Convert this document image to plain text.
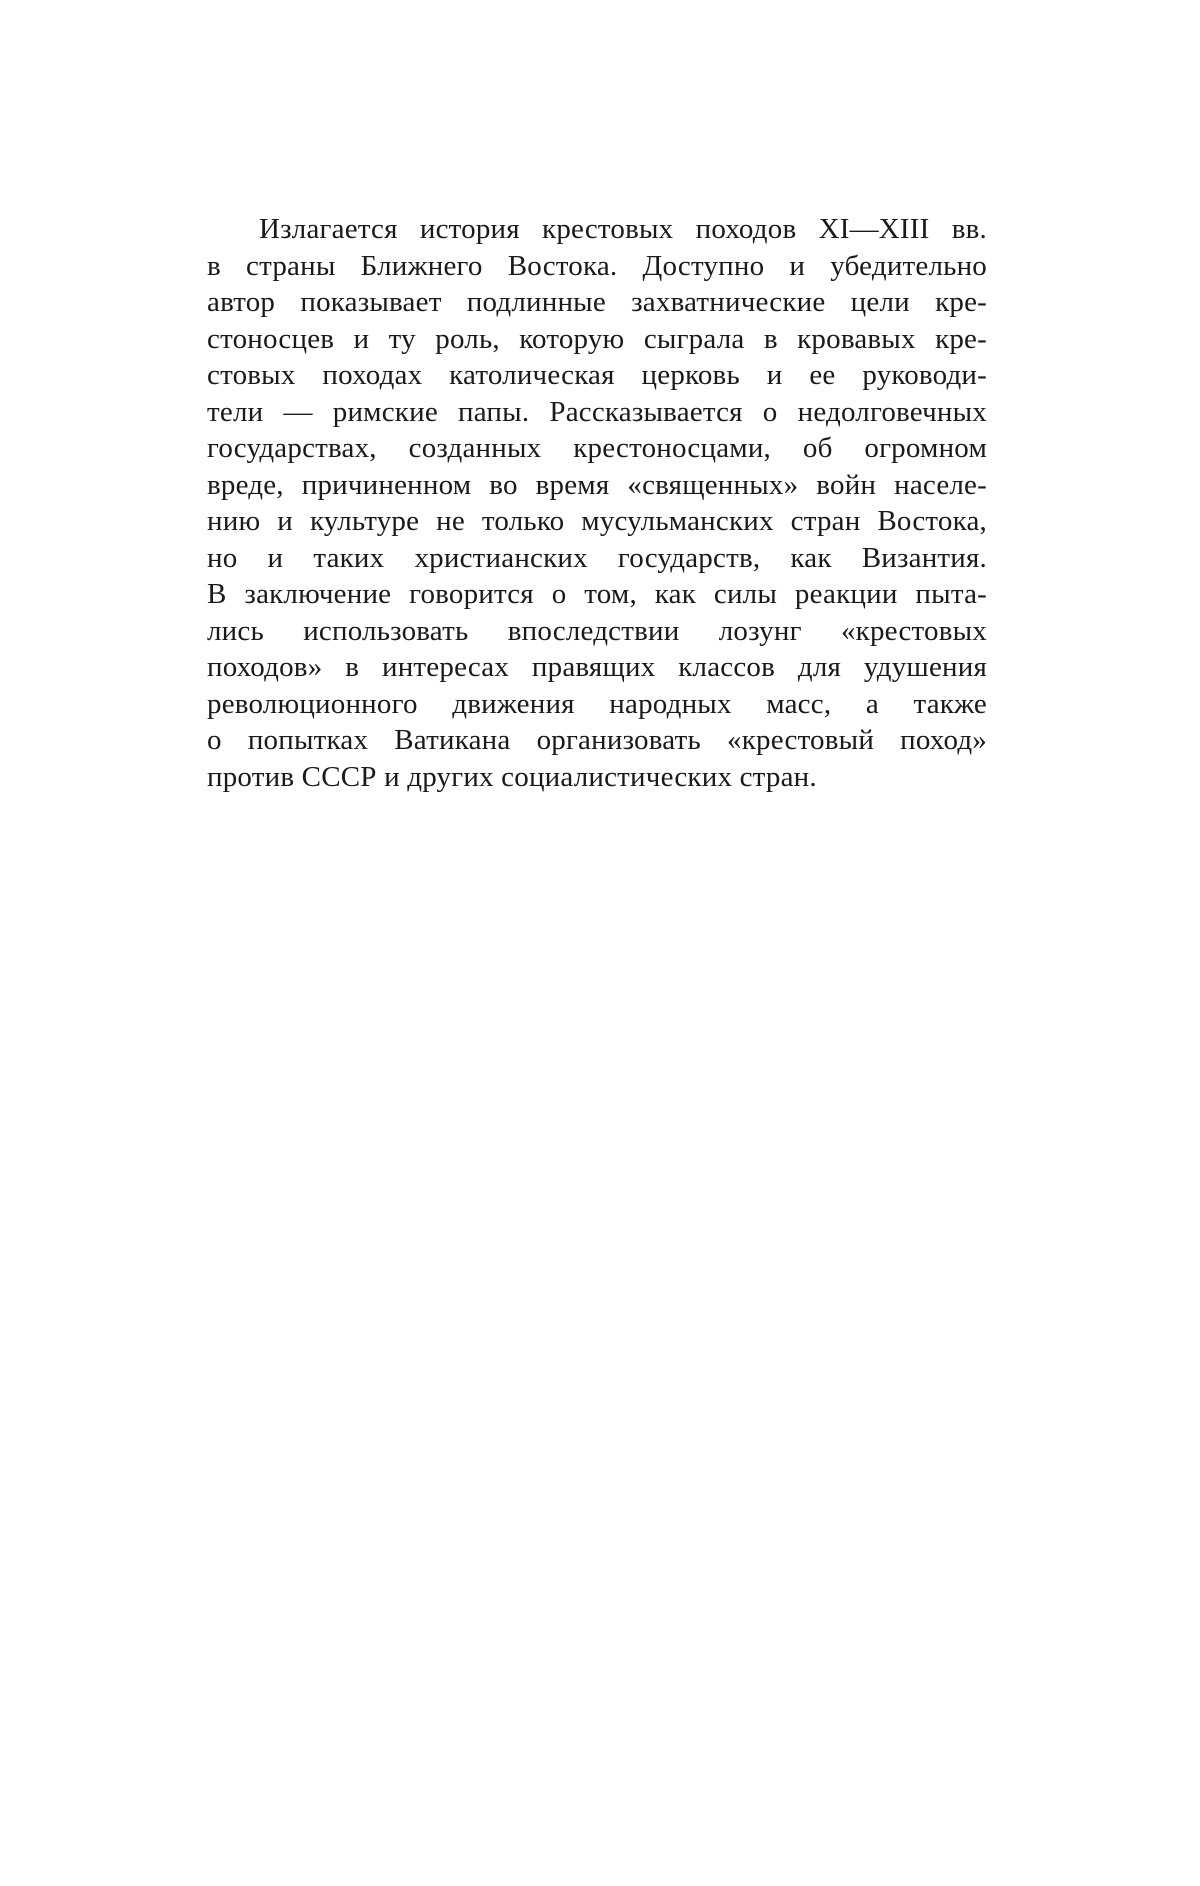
Излагается история крестовых походов XI—XIII вв.
в страны Ближнего Востока. Доступно и убедительно
автор показывает подлинные захватнические цели кре-
стоносцев и ту роль, которую сыграла в кровавых кре-
стовых походах католическая церковь и ее руководи-
тели — римские папы. Рассказывается о недолговечных
государствах, созданных крестоносцами, об огромном
вреде, причиненном во время «священных» войн населе-
нию и культуре не только мусульманских стран Востока,
но и таких христианских государств, как Византия.
В заключение говорится о том, как силы реакции пыта-
лись использовать впоследствии лозунг «крестовых
походов» в интересах правящих классов для удушения
революционного движения народных масс, а также
о попытках Ватикана организовать «крестовый поход»
против СССР и других социалистических стран.
